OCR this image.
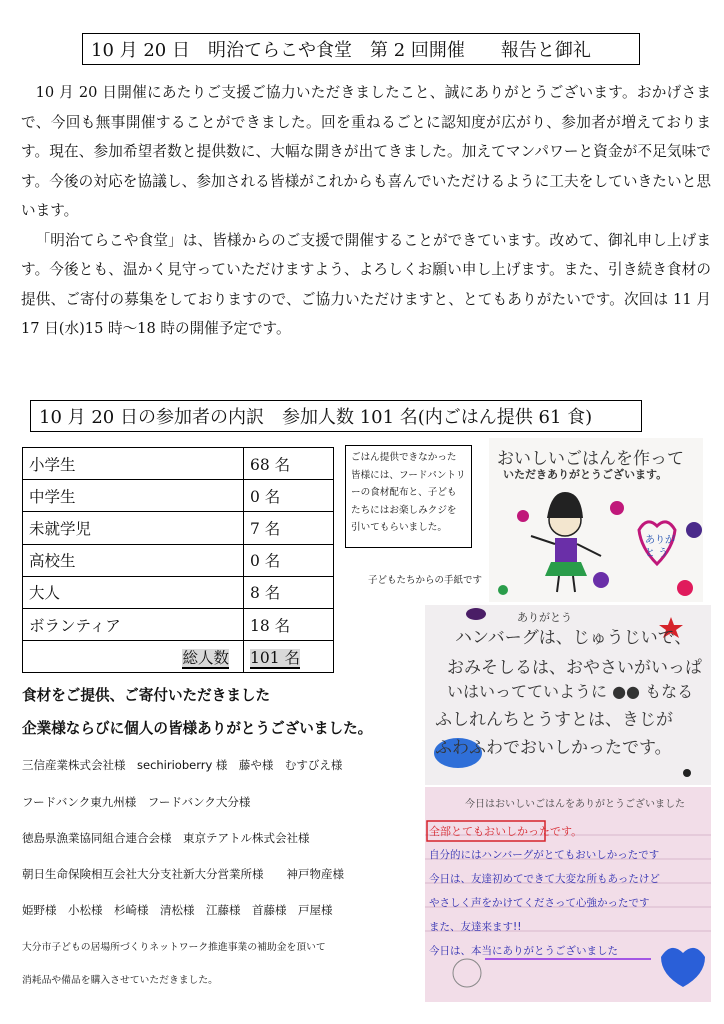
10 月 20 日　明治てらこや食堂　第 2 回開催　　報告と御礼

10 月 20 日開催にあたりご支援ご協力いただきましたこと、誠にありがとうございます。おかげさまで、今回も無事開催することができました。回を重ねるごとに認知度が広がり、参加者が増えております。現在、参加希望者数と提供数に、大幅な開きが出てきました。加えてマンパワーと資金が不足気味です。今後の対応を協議し、参加される皆様がこれからも喜んでいただけるように工夫をしていきたいと思います。

「明治てらこや食堂」は、皆様からのご支援で開催することができています。改めて、御礼申し上げます。今後とも、温かく見守っていただけますよう、よろしくお願い申し上げます。また、引き続き食材の提供、ご寄付の募集をしておりますので、ご協力いただけますと、とてもありがたいです。次回は 11 月 17 日(水)15 時～18 時の開催予定です。

10 月 20 日の参加者の内訳　参加人数 101 名(内ごはん提供 61 食)
小学生	68 名
中学生	0 名
未就学児	7 名
高校生	0 名
大人	8 名
ボランティア	18 名
総人数	101 名
ごはん提供できなかった皆様には、フードパントリーの食材配布と、子どもたちにはお楽しみクジを引いてもらいました。
子どもたちからの手紙です
おいしいごはんを作って
いただきありがとうございます。
ありがと う
ありがとう
ハンバーグは、じゅうじいで、
おみそしるは、おやさいがいっぱ
いはいってていように ●● もなる
ふしれんちとうすとは、きじが
ふわふわでおいしかったです。
今日はおいしいごはんをありがとうございました
全部とてもおいしかったです。
自分的にはハンバーグがとてもおいしかったです
今日は、友達初めてできて大変な所もあったけど
やさしく声をかけてくださって心強かったです
また、友達来ます!!
今日は、本当にありがとうございました
食材をご提供、ご寄付いただきました
企業様ならびに個人の皆様ありがとうございました。
三信産業株式会社様　sechirioberry 様　藤や様　むすびえ様
フードバンク東九州様　フードバンク大分様
徳島県漁業協同組合連合会様　東京テアトル株式会社様
朝日生命保険相互会社大分支社新大分営業所様　　神戸物産様
姫野様　小松様　杉崎様　清松様　江藤様　首藤様　戸屋様
大分市子どもの居場所づくりネットワーク推進事業の補助金を頂いて
消耗品や備品を購入させていただきました。
